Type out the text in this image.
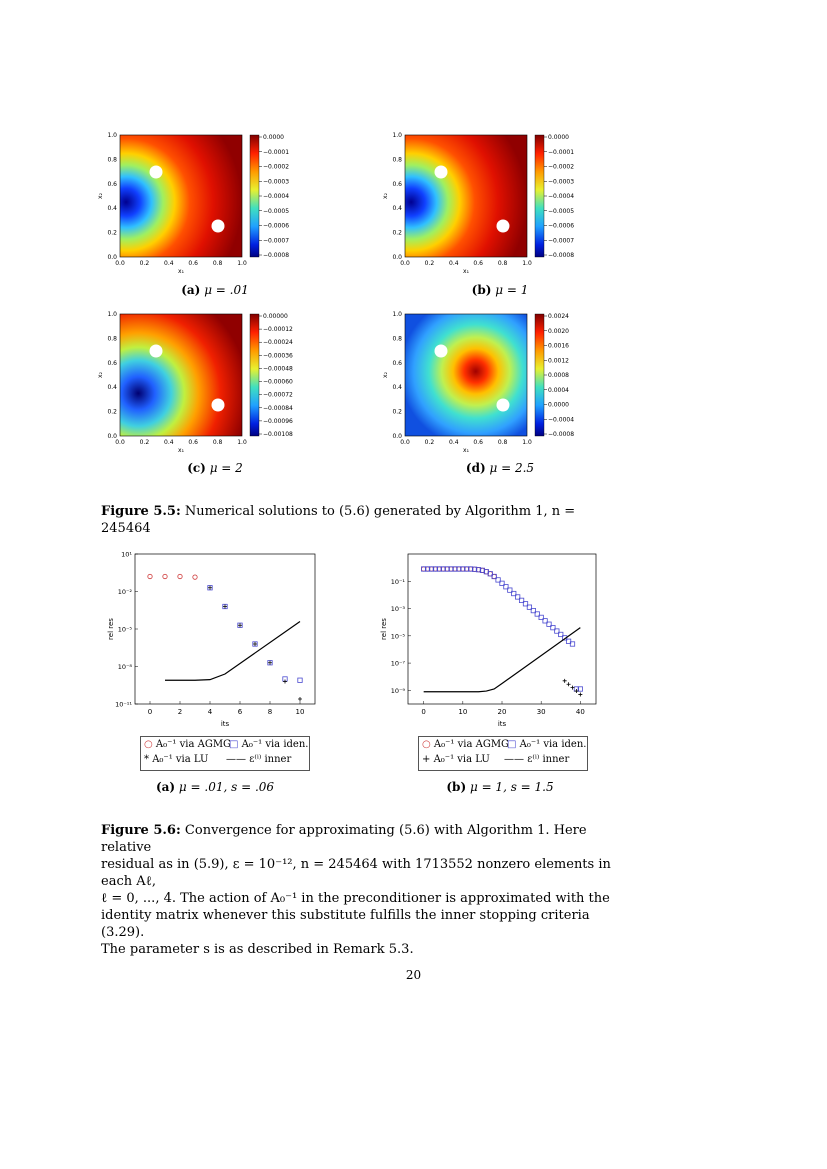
0.0
0.0
0.2
0.2
0.4
0.4
0.6
0.6
0.8
0.8
1.0
1.0
x₁
x₂
0.0000
−0.0001
−0.0002
−0.0003
−0.0004
−0.0005
−0.0006
−0.0007
−0.0008
0.0
0.0
0.2
0.2
0.4
0.4
0.6
0.6
0.8
0.8
1.0
1.0
x₁
x₂
0.0000
−0.0001
−0.0002
−0.0003
−0.0004
−0.0005
−0.0006
−0.0007
−0.0008
0.0
0.0
0.2
0.2
0.4
0.4
0.6
0.6
0.8
0.8
1.0
1.0
x₁
x₂
0.00000
−0.00012
−0.00024
−0.00036
−0.00048
−0.00060
−0.00072
−0.00084
−0.00096
−0.00108
0.0
0.0
0.2
0.2
0.4
0.4
0.6
0.6
0.8
0.8
1.0
1.0
x₁
x₂
0.0024
0.0020
0.0016
0.0012
0.0008
0.0004
0.0000
−0.0004
−0.0008
(a) μ = .01	(b) μ = 1
(c) μ = 2	(d) μ = 2.5
Figure 5.5: Numerical solutions to (5.6) generated by Algorithm 1, n = 245464
0	2	4	6	8	10
10¹
10⁻²
10⁻⁵
10⁻⁸
10⁻¹¹
its
rel res
0	10	20	30	40
10⁻¹
10⁻³
10⁻⁵
10⁻⁷
10⁻⁹
its
rel res
○ A₀⁻¹ via AGMG
□ A₀⁻¹ via iden.
* A₀⁻¹ via LU —— ε⁽ⁱ⁾ inner
○ A₀⁻¹ via AGMG
□ A₀⁻¹ via iden.
+ A₀⁻¹ via LU —— ε⁽ⁱ⁾ inner
(a) μ = .01, s = .06	(b) μ = 1, s = 1.5
Figure 5.6: Convergence for approximating (5.6) with Algorithm 1. Here relative
residual as in (5.9), ε = 10⁻¹², n = 245464 with 1713552 nonzero elements in each Aℓ,
ℓ = 0, ..., 4. The action of A₀⁻¹ in the preconditioner is approximated with the
identity matrix whenever this substitute fulfills the inner stopping criteria (3.29).
The parameter s is as described in Remark 5.3.
20
